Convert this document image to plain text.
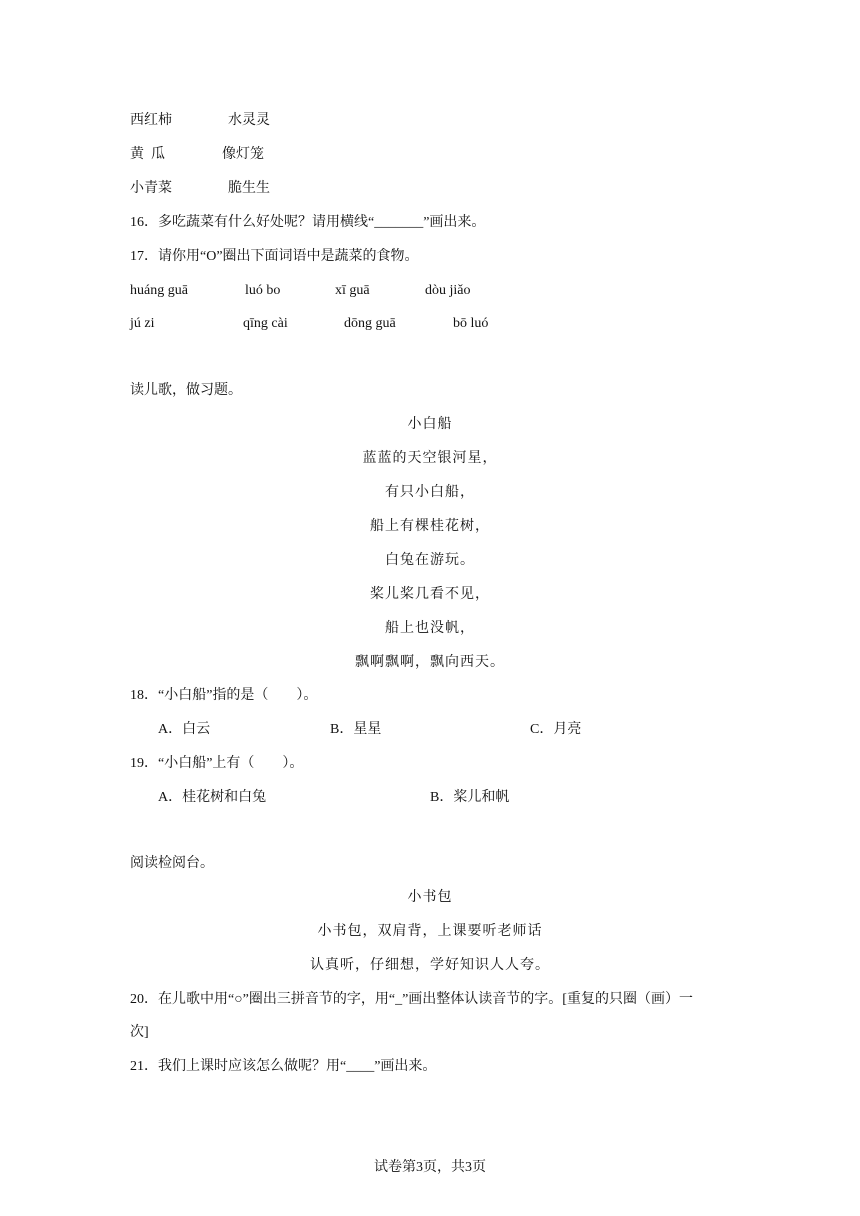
西红柿	水灵灵
黄  瓜	像灯笼
小青菜	脆生生
16．多吃蔬菜有什么好处呢？请用横线“_______”画出来。
17．请你用“O”圈出下面词语中是蔬菜的食物。
huáng guā	luó bo	xī guā	dòu jiǎo
jú zi	qīng cài	dōng guā	bō luó
读儿歌，做习题。
小白船
蓝蓝的天空银河星，
有只小白船，
船上有棵桂花树，
白兔在游玩。
桨儿桨几看不见，
船上也没帆，
飘啊飘啊，飘向西天。
18．“小白船”指的是（　　）。
A．白云	B．星星	C．月亮
19．“小白船”上有（　　）。
A．桂花树和白兔	B．桨儿和帆
阅读检阅台。
小书包
小书包，双肩背，上课要听老师话
认真听，仔细想，学好知识人人夸。
20．在儿歌中用“○”圈出三拼音节的字，用“_”画出整体认读音节的字。[重复的只圈（画）一
次]
21．我们上课时应该怎么做呢？用“____”画出来。
试卷第3页，共3页
